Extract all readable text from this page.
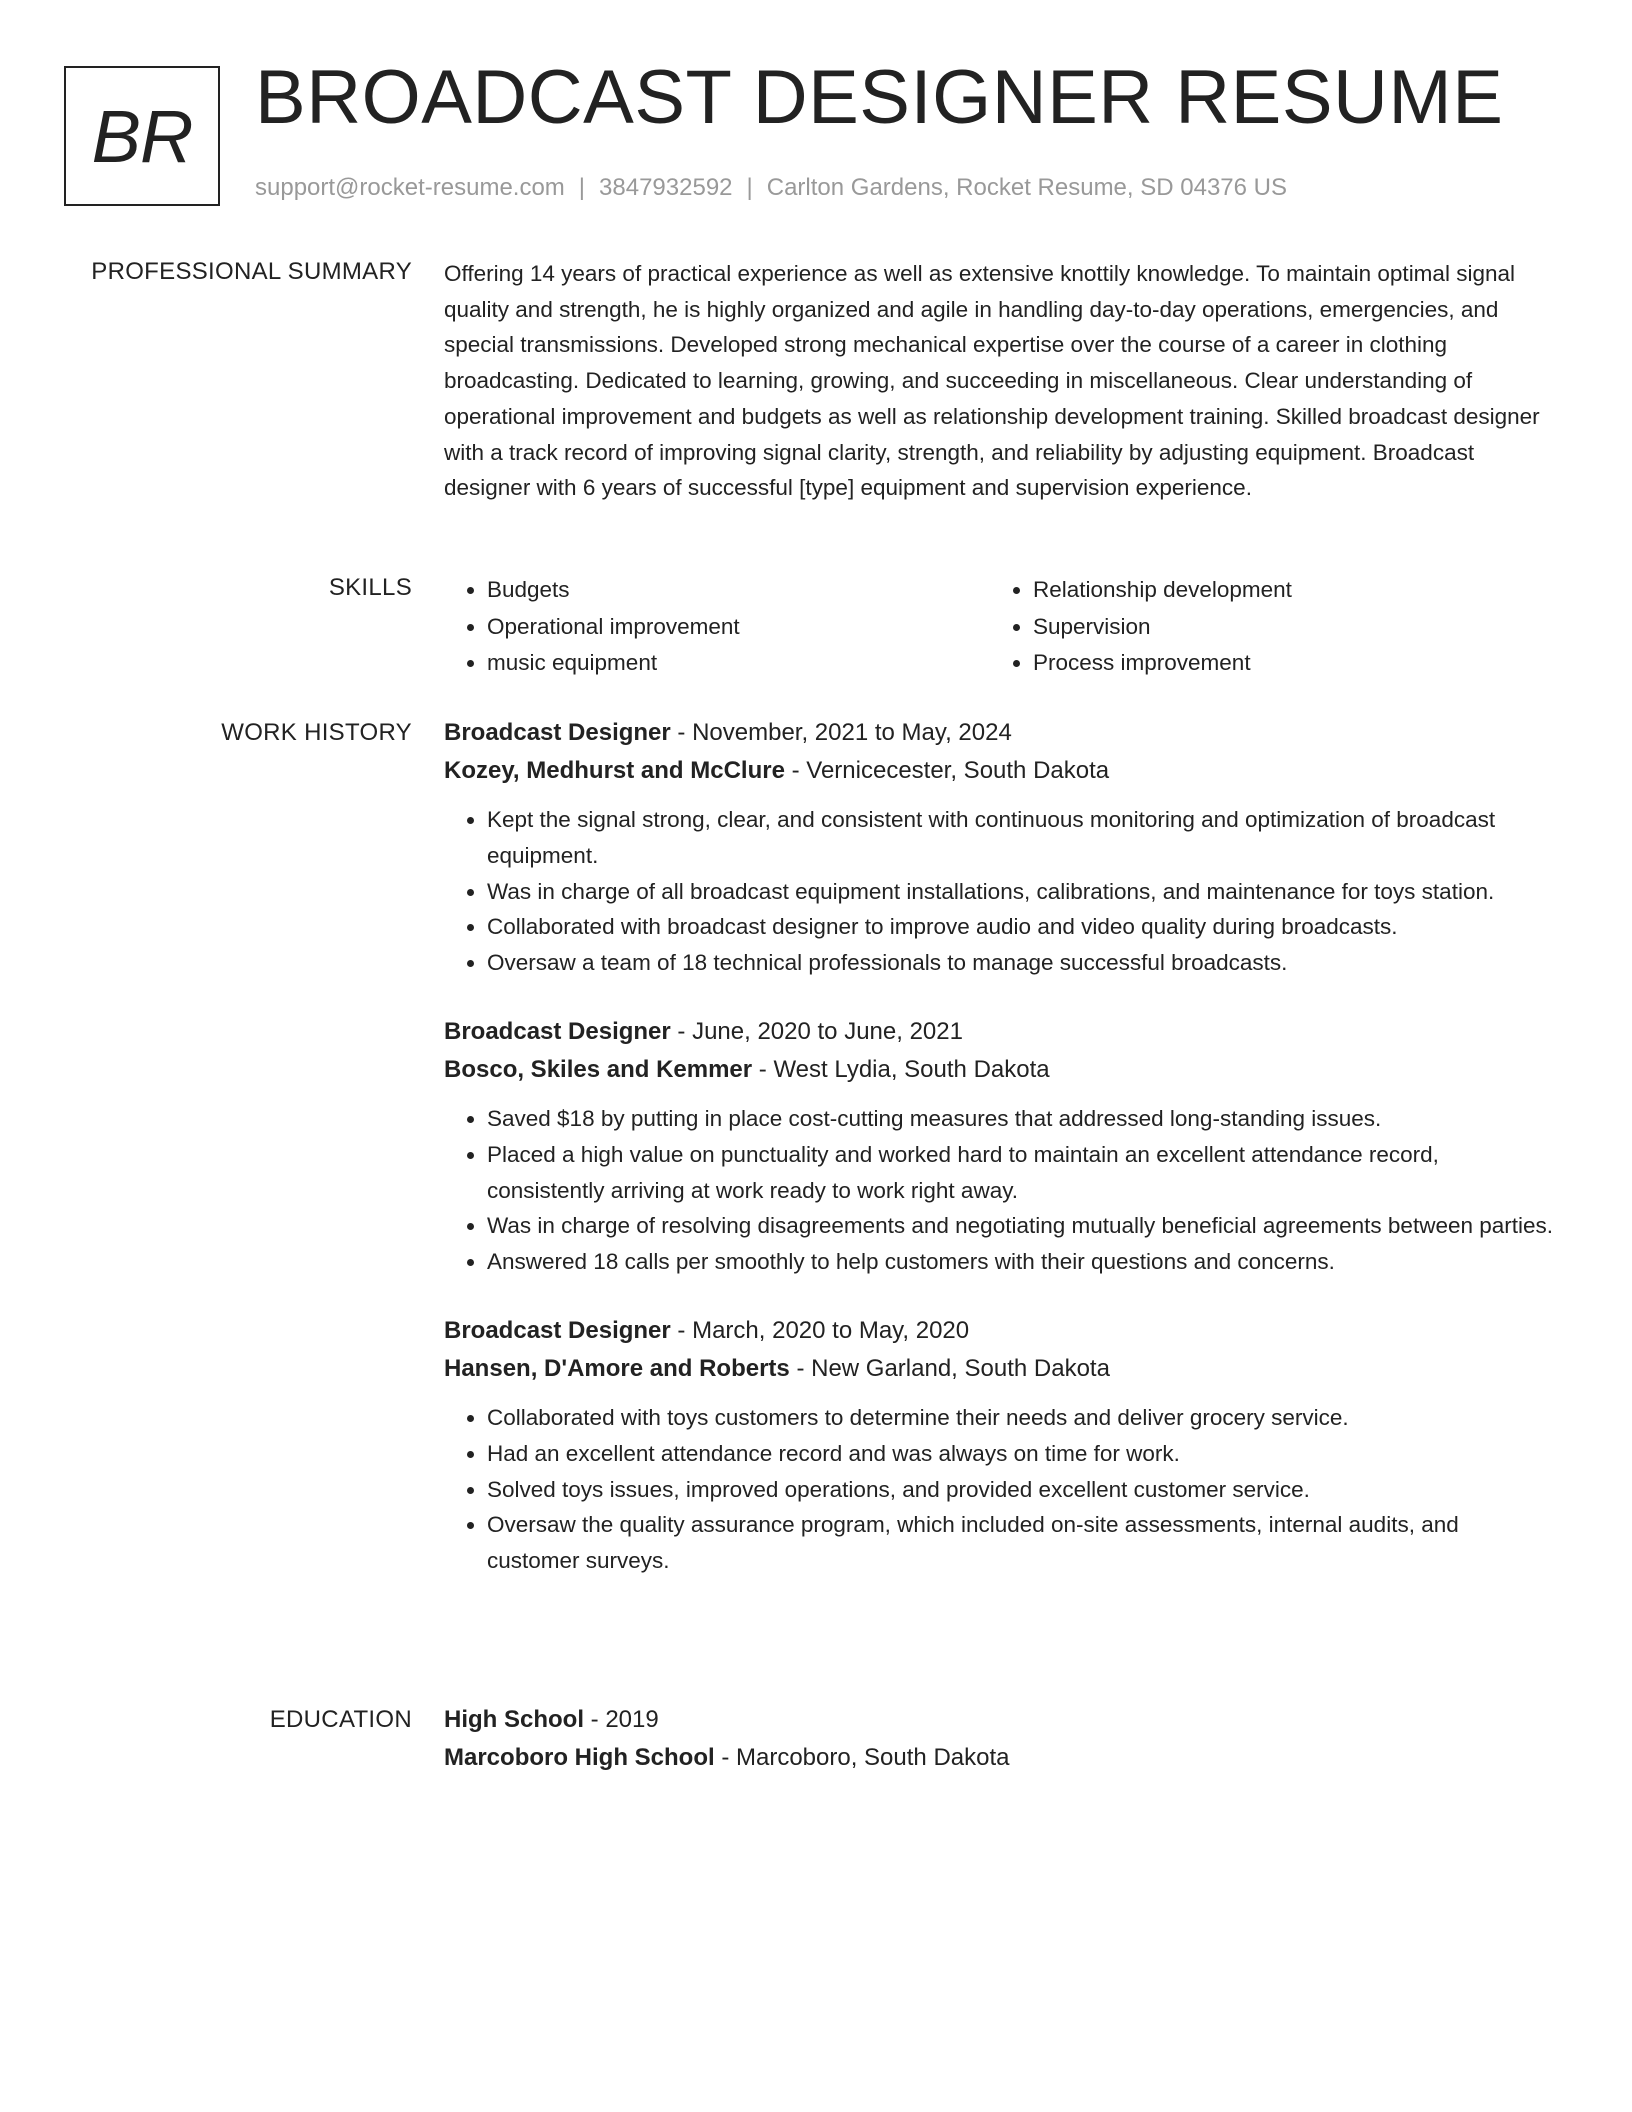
BR BROADCAST DESIGNER RESUME
support@rocket-resume.com | 3847932592 | Carlton Gardens, Rocket Resume, SD 04376 US
PROFESSIONAL SUMMARY Offering 14 years of practical experience as well as extensive knottily knowledge. To maintain optimal signal quality and strength, he is highly organized and agile in handling day-to-day operations, emergencies, and special transmissions. Developed strong mechanical expertise over the course of a career in clothing broadcasting. Dedicated to learning, growing, and succeeding in miscellaneous. Clear understanding of operational improvement and budgets as well as relationship development training. Skilled broadcast designer with a track record of improving signal clarity, strength, and reliability by adjusting equipment. Broadcast designer with 6 years of successful [type] equipment and supervision experience.

SKILLS
•	Budgets
• Operational improvement
• music equipment
• Relationship development
• Supervision
• Process improvement
WORK HISTORY Broadcast Designer - November, 2021 to May, 2024
Kozey, Medhurst and McClure - Vernicecester, South Dakota
• Kept the signal strong, clear, and consistent with continuous monitoring and optimization of broadcast equipment.
• Was in charge of all broadcast equipment installations, calibrations, and maintenance for toys station.
• Collaborated with broadcast designer to improve audio and video quality during broadcasts.
• Oversaw a team of 18 technical professionals to manage successful broadcasts.
Broadcast Designer - June, 2020 to June, 2021
Bosco, Skiles and Kemmer - West Lydia, South Dakota
• Saved $18 by putting in place cost-cutting measures that addressed long-standing issues.
• Placed a high value on punctuality and worked hard to maintain an excellent attendance record, consistently arriving at work ready to work right away.
• Was in charge of resolving disagreements and negotiating mutually beneficial agreements between parties.
• Answered 18 calls per smoothly to help customers with their questions and concerns.
Broadcast Designer - March, 2020 to May, 2020
Hansen, D'Amore and Roberts - New Garland, South Dakota
• Collaborated with toys customers to determine their needs and deliver grocery service.
• Had an excellent attendance record and was always on time for work.
• Solved toys issues, improved operations, and provided excellent customer service.
• Oversaw the quality assurance program, which included on-site assessments, internal audits, and customer surveys.
EDUCATION High School - 2019
Marcoboro High School - Marcoboro, South Dakota
